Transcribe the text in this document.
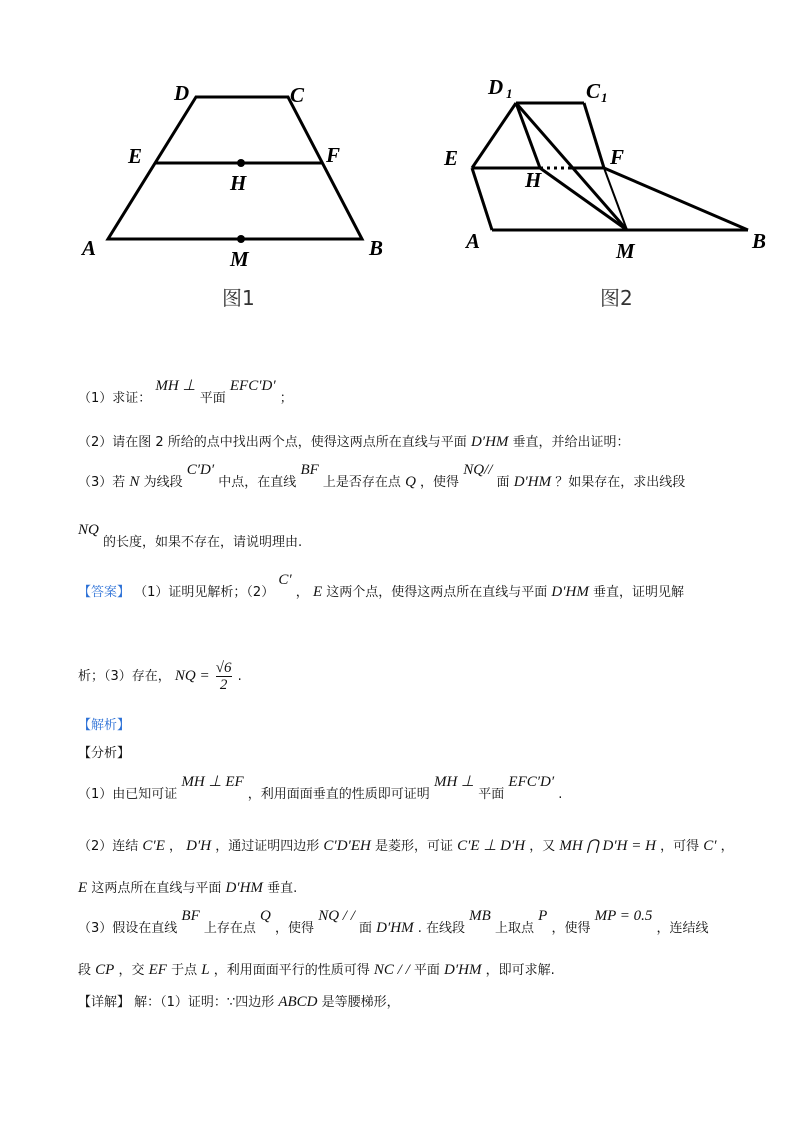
D	C
E	F
H
A	B
M
图1
D 1	C 1
E	F
H
A	M	B
图2
（1）求证： MH ⊥ 平面 EFC′D′ ；
（2）请在图 2 所给的点中找出两个点，使得这两点所在直线与平面 D′HM 垂直，并给出证明：
（3）若 N 为线段 C′D′ 中点，在直线 BF 上是否存在点 Q ，使得 NQ// 面 D′HM ？如果存在，求出线段
NQ 的长度，如果不存在，请说明理由.
【答案】 （1）证明见解析；（2） C′ ， E 这两个点，使得这两点所在直线与平面 D′HM 垂直，证明见解
析；（3）存在， NQ = $\frac{√6}{2}$ .
【解析】
【分析】
（1）由已知可证 MH ⊥ EF ，利用面面垂直的性质即可证明 MH ⊥ 平面 EFC′D′ .
（2）连结 C′E ， D′H ，通过证明四边形 C′D′EH 是菱形，可证 C′E ⊥ D′H ，又 MH ⋂ D′H = H ，可得 C′ ，
E 这两点所在直线与平面 D′HM 垂直.
（3）假设在直线 BF 上存在点 Q ，使得 NQ / / 面 D′HM . 在线段 MB 上取点 P ，使得 MP = 0.5 ，连结线
段 CP ，交 EF 于点 L ，利用面面平行的性质可得 NC / / 平面 D′HM ，即可求解.
【详解】 解：（1）证明：∵四边形 ABCD 是等腰梯形，
